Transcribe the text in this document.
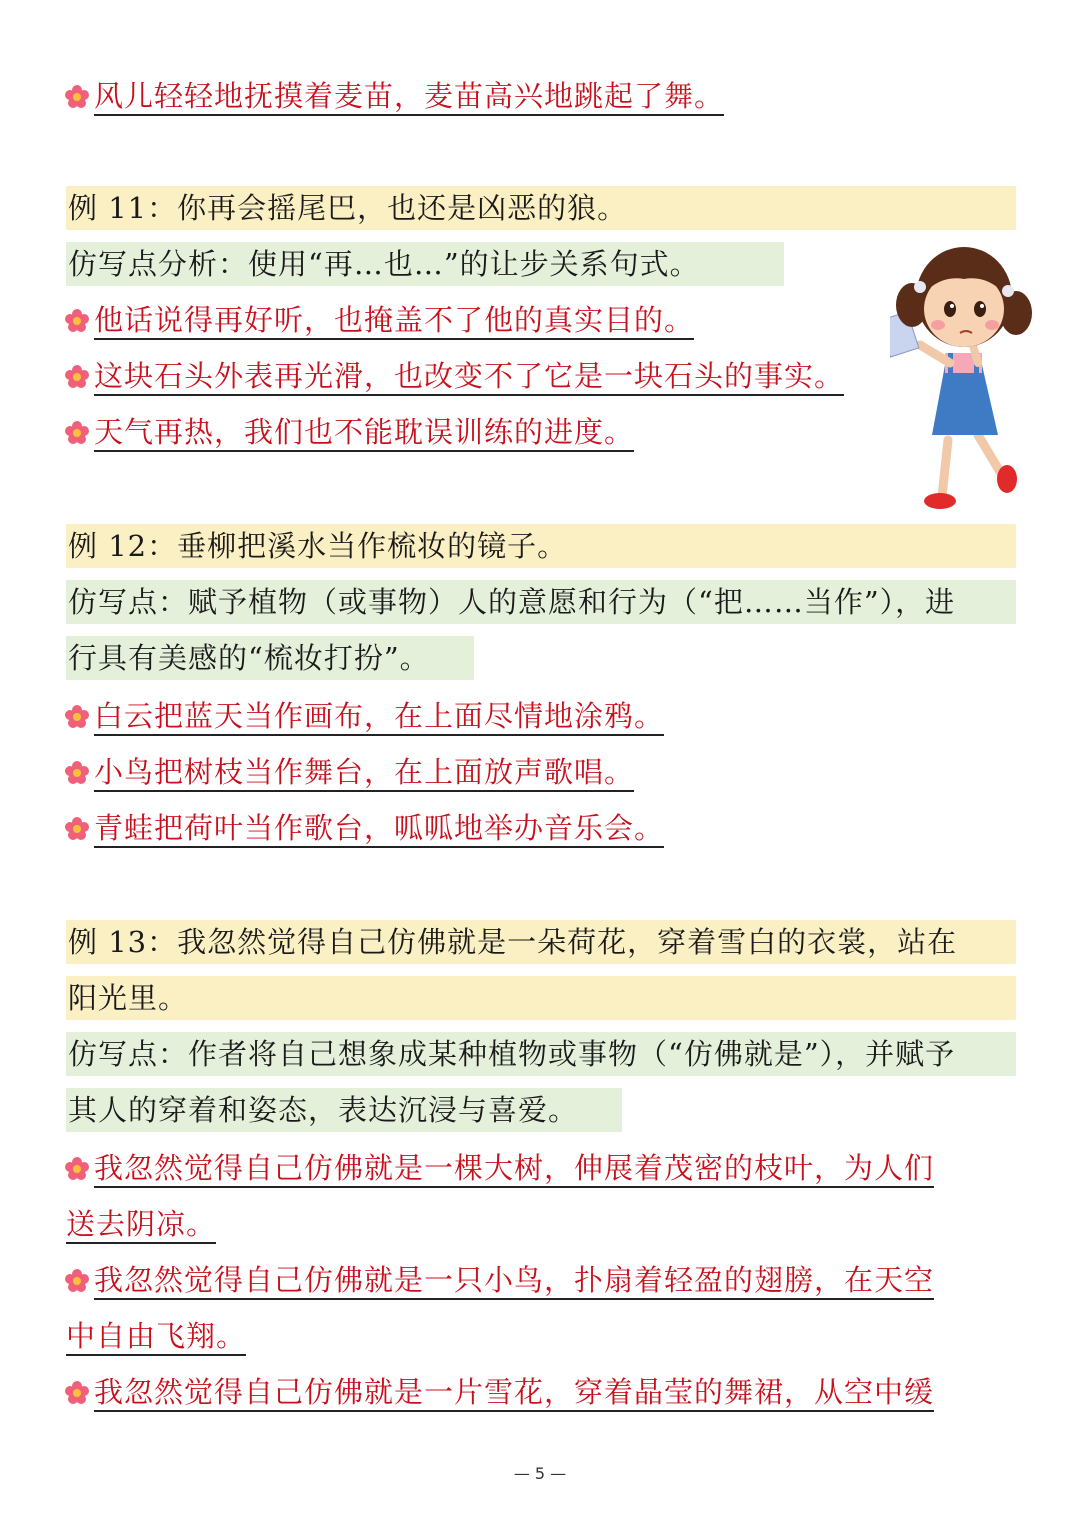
风儿轻轻地抚摸着麦苗，麦苗高兴地跳起了舞。
例 11：你再会摇尾巴，也还是凶恶的狼。
仿写点分析：使用“再…也…”的让步关系句式。
他话说得再好听，也掩盖不了他的真实目的。
这块石头外表再光滑，也改变不了它是一块石头的事实。
天气再热，我们也不能耽误训练的进度。
例 12：垂柳把溪水当作梳妆的镜子。
仿写点：赋予植物（或事物）人的意愿和行为（“把……当作”），进
行具有美感的“梳妆打扮”。
白云把蓝天当作画布，在上面尽情地涂鸦。
小鸟把树枝当作舞台，在上面放声歌唱。
青蛙把荷叶当作歌台，呱呱地举办音乐会。
例 13：我忽然觉得自己仿佛就是一朵荷花，穿着雪白的衣裳，站在
阳光里。
仿写点：作者将自己想象成某种植物或事物（“仿佛就是”），并赋予
其人的穿着和姿态，表达沉浸与喜爱。
我忽然觉得自己仿佛就是一棵大树，伸展着茂密的枝叶，为人们
送去阴凉。
我忽然觉得自己仿佛就是一只小鸟，扑扇着轻盈的翅膀，在天空
中自由飞翔。
我忽然觉得自己仿佛就是一片雪花，穿着晶莹的舞裙，从空中缓
— 5 —
